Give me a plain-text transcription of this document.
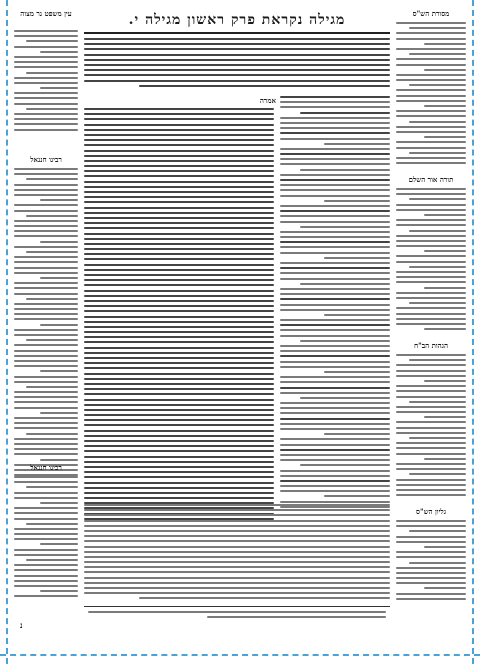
מגילה נקראת פרק ראשון מגילה י.	מסורת הש"ס
תורה אור השלם
הגהות הב"ח
גליון הש"ס
עין משפט נר מצוה
רבינו חננאל
רבינו חננאל
אמרה
נ
